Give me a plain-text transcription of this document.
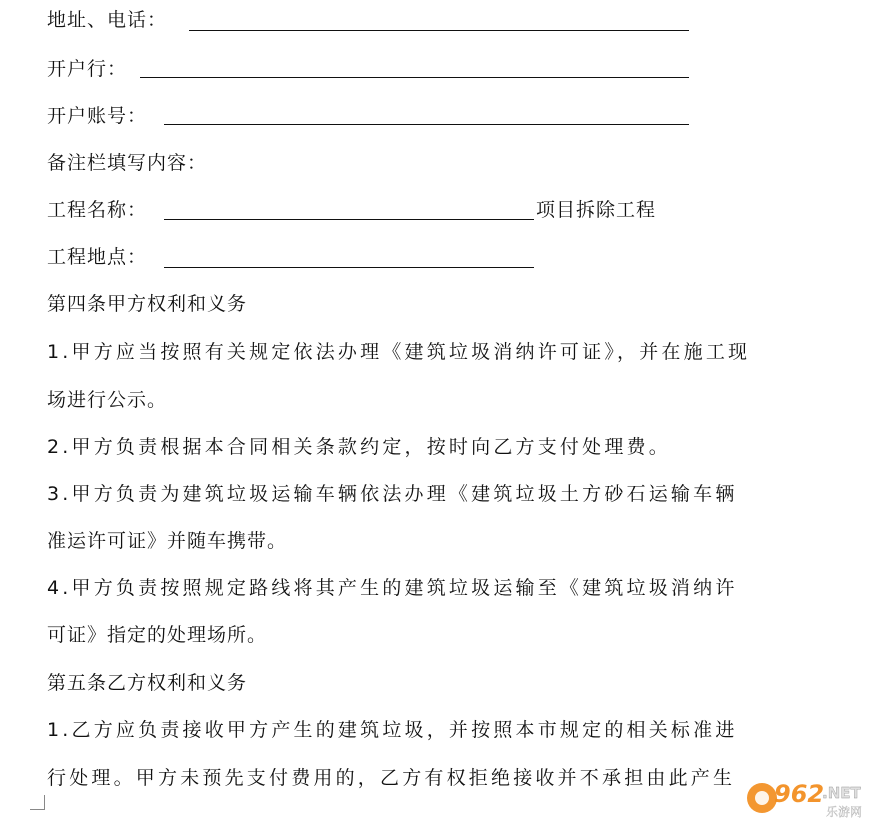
地址、电话：
开户行：
开户账号：
备注栏填写内容：
工程名称：	项目拆除工程
工程地点：
第四条甲方权利和义务
1.甲方应当按照有关规定依法办理《建筑垃圾消纳许可证》，并在施工现
场进行公示。
2.甲方负责根据本合同相关条款约定，按时向乙方支付处理费。
3.甲方负责为建筑垃圾运输车辆依法办理《建筑垃圾土方砂石运输车辆
准运许可证》并随车携带。
4.甲方负责按照规定路线将其产生的建筑垃圾运输至《建筑垃圾消纳许
可证》指定的处理场所。
第五条乙方权利和义务
1.乙方应负责接收甲方产生的建筑垃圾，并按照本市规定的相关标准进
行处理。甲方未预先支付费用的，乙方有权拒绝接收并不承担由此产生
962
.NET
乐游网
